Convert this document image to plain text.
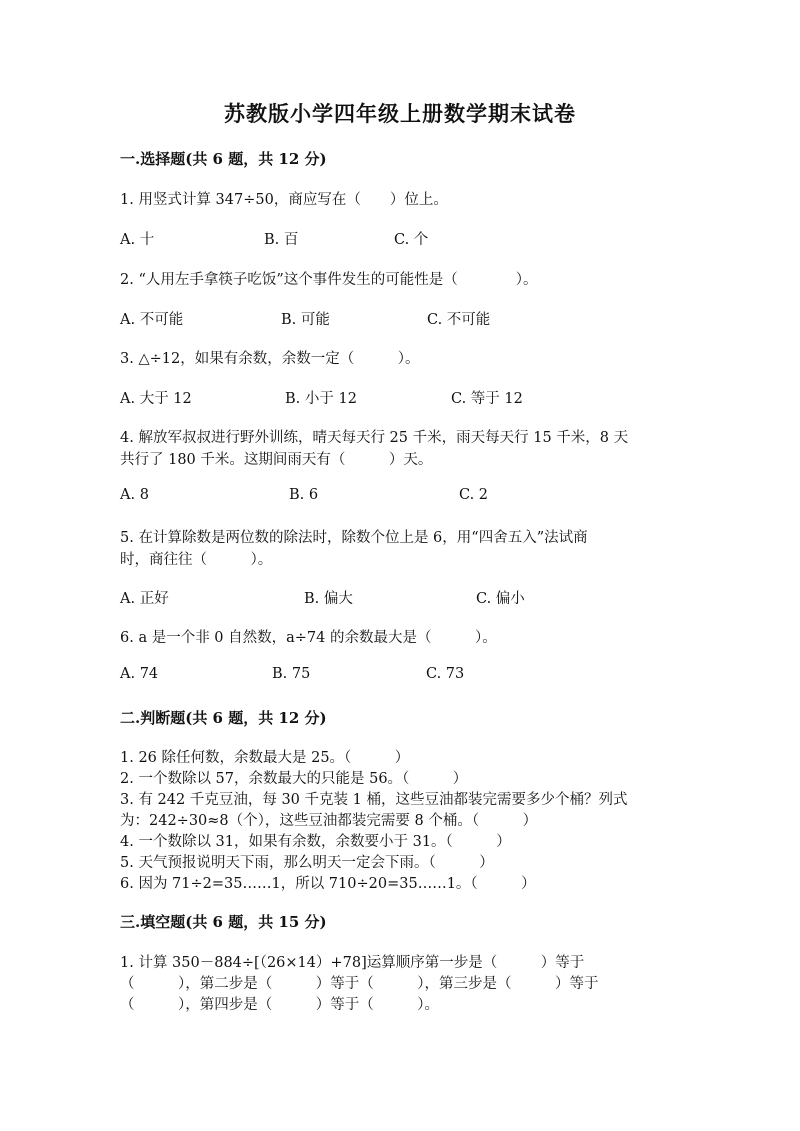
苏教版小学四年级上册数学期末试卷
一.选择题(共 6 题，共 12 分)
1. 用竖式计算 347÷50，商应写在（　　）位上。
A. 十	B. 百	C. 个
2. “人用左手拿筷子吃饭”这个事件发生的可能性是（　　　　）。
A. 不可能	B. 可能	C. 不可能
3. △÷12，如果有余数，余数一定（　　　）。
A. 大于 12	B. 小于 12	C. 等于 12
4. 解放军叔叔进行野外训练，晴天每天行 25 千米，雨天每天行 15 千米，8 天
共行了 180 千米。这期间雨天有（　　　）天。
A. 8	B. 6	C. 2
5. 在计算除数是两位数的除法时，除数个位上是 6，用“四舍五入”法试商
时，商往往（　　　）。
A. 正好	B. 偏大	C. 偏小
6. a 是一个非 0 自然数，a÷74 的余数最大是（　　　）。
A. 74	B. 75	C. 73
二.判断题(共 6 题，共 12 分)
1. 26 除任何数，余数最大是 25。（　　　）
2. 一个数除以 57，余数最大的只能是 56。（　　　）
3. 有 242 千克豆油，每 30 千克装 1 桶，这些豆油都装完需要多少个桶？列式
为：242÷30≈8（个），这些豆油都装完需要 8 个桶。（　　　）
4. 一个数除以 31，如果有余数，余数要小于 31。（　　　）
5. 天气预报说明天下雨，那么明天一定会下雨。（　　　）
6. 因为 71÷2=35……1，所以 710÷20=35……1。（　　　）
三.填空题(共 6 题，共 15 分)
1. 计算 350－884÷[（26×14）+78]运算顺序第一步是（　　　）等于
（　　　），第二步是（　　　）等于（　　　），第三步是（　　　）等于
（　　　），第四步是（　　　）等于（　　　）。
